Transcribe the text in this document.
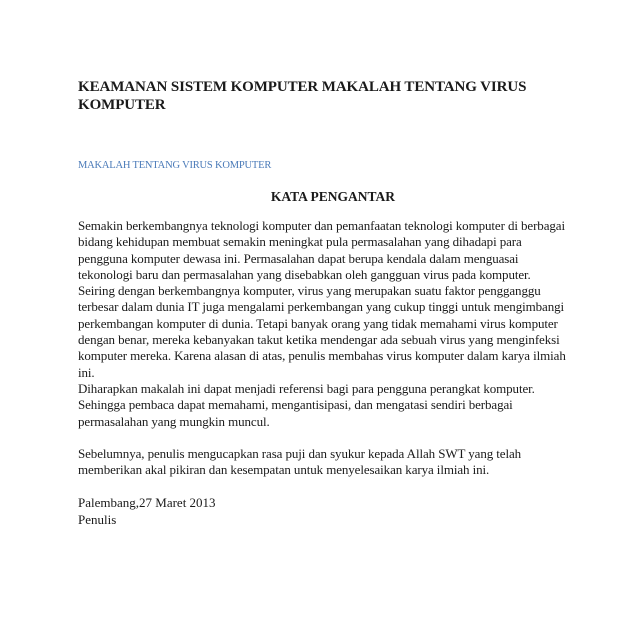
KEAMANAN SISTEM KOMPUTER MAKALAH TENTANG VIRUS KOMPUTER
MAKALAH TENTANG VIRUS KOMPUTER
KATA PENGANTAR

Semakin berkembangnya teknologi komputer dan pemanfaatan teknologi komputer di berbagai bidang kehidupan membuat semakin meningkat pula permasalahan yang dihadapi para pengguna komputer dewasa ini. Permasalahan dapat berupa kendala dalam menguasai tekonologi baru dan permasalahan yang disebabkan oleh gangguan virus pada komputer.

Seiring dengan berkembangnya komputer, virus yang merupakan suatu faktor pengganggu terbesar dalam dunia IT juga mengalami perkembangan yang cukup tinggi untuk mengimbangi perkembangan komputer di dunia. Tetapi banyak orang yang tidak memahami virus komputer dengan benar, mereka kebanyakan takut ketika mendengar ada sebuah virus yang menginfeksi komputer mereka. Karena alasan di atas, penulis membahas virus komputer dalam karya ilmiah ini.

Diharapkan makalah ini dapat menjadi referensi bagi para pengguna perangkat komputer. Sehingga pembaca dapat memahami, mengantisipasi, dan mengatasi sendiri berbagai permasalahan yang mungkin muncul.

Sebelumnya, penulis mengucapkan rasa puji dan syukur kepada Allah SWT yang telah memberikan akal pikiran dan kesempatan untuk menyelesaikan karya ilmiah ini.

Palembang,27 Maret 2013
Penulis
